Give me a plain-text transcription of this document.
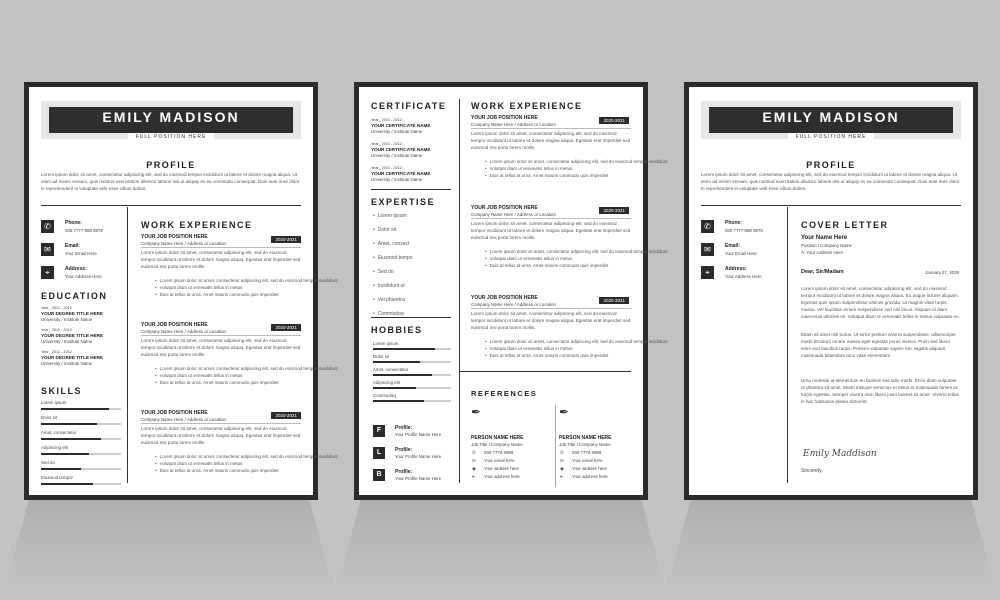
EMILY MADISON
FULL POSITION HERE
PROFILE
Lorem ipsum dolor sit amet, consectetur adipiscing elit, sed do eiusmod tempor incididunt ut labore et dolore magna aliqua. Ut enim ad minim veniam, quis nostrud exercitation ullamco laboris nisi ut aliquip ex ea commodo consequat. Duis aute irure dolor in reprehenderit in voluptate velit esse cillum dolore.
✆	Phone:
000 7777 888 9879
✉	Email:
Your Email Here
⌖	Address:
Your Address Here
EDUCATION
Year_ 2011 - 2012
YOUR DEGREE TITLE HERE
University / Institute Name
Year_ 2011 - 2012
YOUR DEGREE TITLE HERE
University / Institute Name
Year_ 2011 - 2012
YOUR DEGREE TITLE HERE
University / Institute Name
SKILLS
Lorem ipsum
Dolor sit
Amet, consectetur
Adipiscing elit
Sed do
Eiusmod tempor
WORK EXPERIENCE
YOUR JOB POSITION HERE
Company Name Here / Address or Location
2020-2021
Lorem ipsum dolor sit amet, consectetur adipiscing elit, sed do eiusmod tempor incididunt ut labore et dolore magna aliqua. Egestas erat imperdiet sed euismod nisi porta lorem mollis.
• Lorem ipsum dolor sit amet, consectetur adipiscing elit, sed do eiusmod tempor incididunt
• Volutpat diam ut venenatis tellus in metus
• Duis at tellus at urna. Amet mauris commodo quis imperdiet
YOUR JOB POSITION HERE
Company Name Here / Address or Location
2020-2021
Lorem ipsum dolor sit amet, consectetur adipiscing elit, sed do eiusmod tempor incididunt ut labore et dolore magna aliqua. Egestas erat imperdiet sed euismod nisi porta lorem mollis.
• Lorem ipsum dolor sit amet, consectetur adipiscing elit, sed do eiusmod tempor incididunt
• Volutpat diam ut venenatis tellus in metus
• Duis at tellus at urna. Amet mauris commodo quis imperdiet
YOUR JOB POSITION HERE
Company Name Here / Address or Location
2020-2021
Lorem ipsum dolor sit amet, consectetur adipiscing elit, sed do eiusmod tempor incididunt ut labore et dolore magna aliqua. Egestas erat imperdiet sed euismod nisi porta lorem mollis.
• Lorem ipsum dolor sit amet, consectetur adipiscing elit, sed do eiusmod tempor incididunt
• Volutpat diam ut venenatis tellus in metus
• Duis at tellus at urna. Amet mauris commodo quis imperdiet
CERTIFICATE
Year_ 2011 - 2012
YOUR CERTIFICATE NAME
University / Institute Name
Year_ 2011 - 2012
YOUR CERTIFICATE NAME
University / Institute Name
Year_ 2011 - 2012
YOUR CERTIFICATE NAME
University / Institute Name
EXPERTISE
• Lorem ipsum
• Dolor sit
• Amet, consect
• Eiusmod tempo
• Sed do
• Incididunt ut
• Vel pharetra
• Commodoq
HOBBIES
Lorem ipsum
Dolor sit
Amet, consectetur
Adipiscing elit
Commodoq
F	Profile:
Your Profile Name Here
L	Profile:
Your Profile Name Here
B	Profile:
Your Profile Name Here
WORK EXPERIENCE
YOUR JOB POSITION HERE
Company Name Here / Address or Location
2020-2021
Lorem ipsum dolor sit amet, consectetur adipiscing elit, sed do eiusmod tempor incididunt ut labore et dolore magna aliqua. Egestas erat imperdiet sed euismod nisi porta lorem mollis.
• Lorem ipsum dolor sit amet, consectetur adipiscing elit, sed do eiusmod tempor incididunt
• Volutpat diam ut venenatis tellus in metus
• Duis at tellus at urna. Amet mauris commodo quis imperdiet
YOUR JOB POSITION HERE
Company Name Here / Address or Location
2020-2021
Lorem ipsum dolor sit amet, consectetur adipiscing elit, sed do eiusmod tempor incididunt ut labore et dolore magna aliqua. Egestas erat imperdiet sed euismod nisi porta lorem mollis.
• Lorem ipsum dolor sit amet, consectetur adipiscing elit, sed do eiusmod tempor incididunt
• Volutpat diam ut venenatis tellus in metus
• Duis at tellus at urna. Amet mauris commodo quis imperdiet
YOUR JOB POSITION HERE
Company Name Here / Address or Location
2020-2021
Lorem ipsum dolor sit amet, consectetur adipiscing elit, sed do eiusmod tempor incididunt ut labore et dolore magna aliqua. Egestas erat imperdiet sed euismod nisi porta lorem mollis.
• Lorem ipsum dolor sit amet, consectetur adipiscing elit, sed do eiusmod tempor incididunt
• Volutpat diam ut venenatis tellus in metus
• Duis at tellus at urna. Amet mauris commodo quis imperdiet
REFERENCES
✒
PERSON NAME HERE
Job Title / Company Name
✆ 000 7778 5989
✉ Your email here
◉ Your website here
⌖ Your address here
✒
PERSON NAME HERE
Job Title / Company Name
✆ 000 7778 5989
✉ Your email here
◉ Your website here
⌖ Your address here
EMILY MADISON
FULL POSITION HERE
PROFILE
Lorem ipsum dolor sit amet, consectetur adipiscing elit, sed do eiusmod tempor incididunt ut labore et dolore magna aliqua. Ut enim ad minim veniam, quis nostrud exercitation ullamco laboris nisi ut aliquip ex ea commodo consequat. Duis aute irure dolor in reprehenderit in voluptate velit esse cillum dolore.
✆	Phone:
000 7777 888 9879
✉	Email:
Your Email Here
⌖	Address:
Your Address Here
COVER LETTER
Your Name Here
Position / Company Name
A: Your Address Here
Dear, Sir/Madam	January 27, 2029
Lorem ipsum dolor sit amet, consectetur adipiscing elit, sed do eiusmod tempor incididunt ut labore et dolore magna aliqua. Eu augue lictorer aliquam. Egestas quis ipsum suspendisse ultrices gravida. Ut magnis vitae turpis massa. Vel faucibus ornare suspendisse sed nisi lacus. Aliquam id diam maecenas ultricies mi. Volutpat diam ut venenatis tellus in metus vulputate eu.
Etiam sit amet nisl purus. Ut tortor pretium viverra suspendisse. Ullamcorper morbi tincidunt ornare massa eget egestas purus viverra. Proin sed libero enim sed faucibus turpis. Pretium vulputate sapien nec sagittis aliquam malesuada bibendum arcu vitae elementum.
Urna molestie at elementum eu facilisis sed odio morbi. Enim diam vulputate ut pharetra sit amet. Morbi tristique senectus et netus et malesuada fames ac turpis egestas. Semper viverra nam libero justo laoreet sit amet. Viverra tellus in hac habitasse platea dictumst.
Emily Maddison
Sincerely,
